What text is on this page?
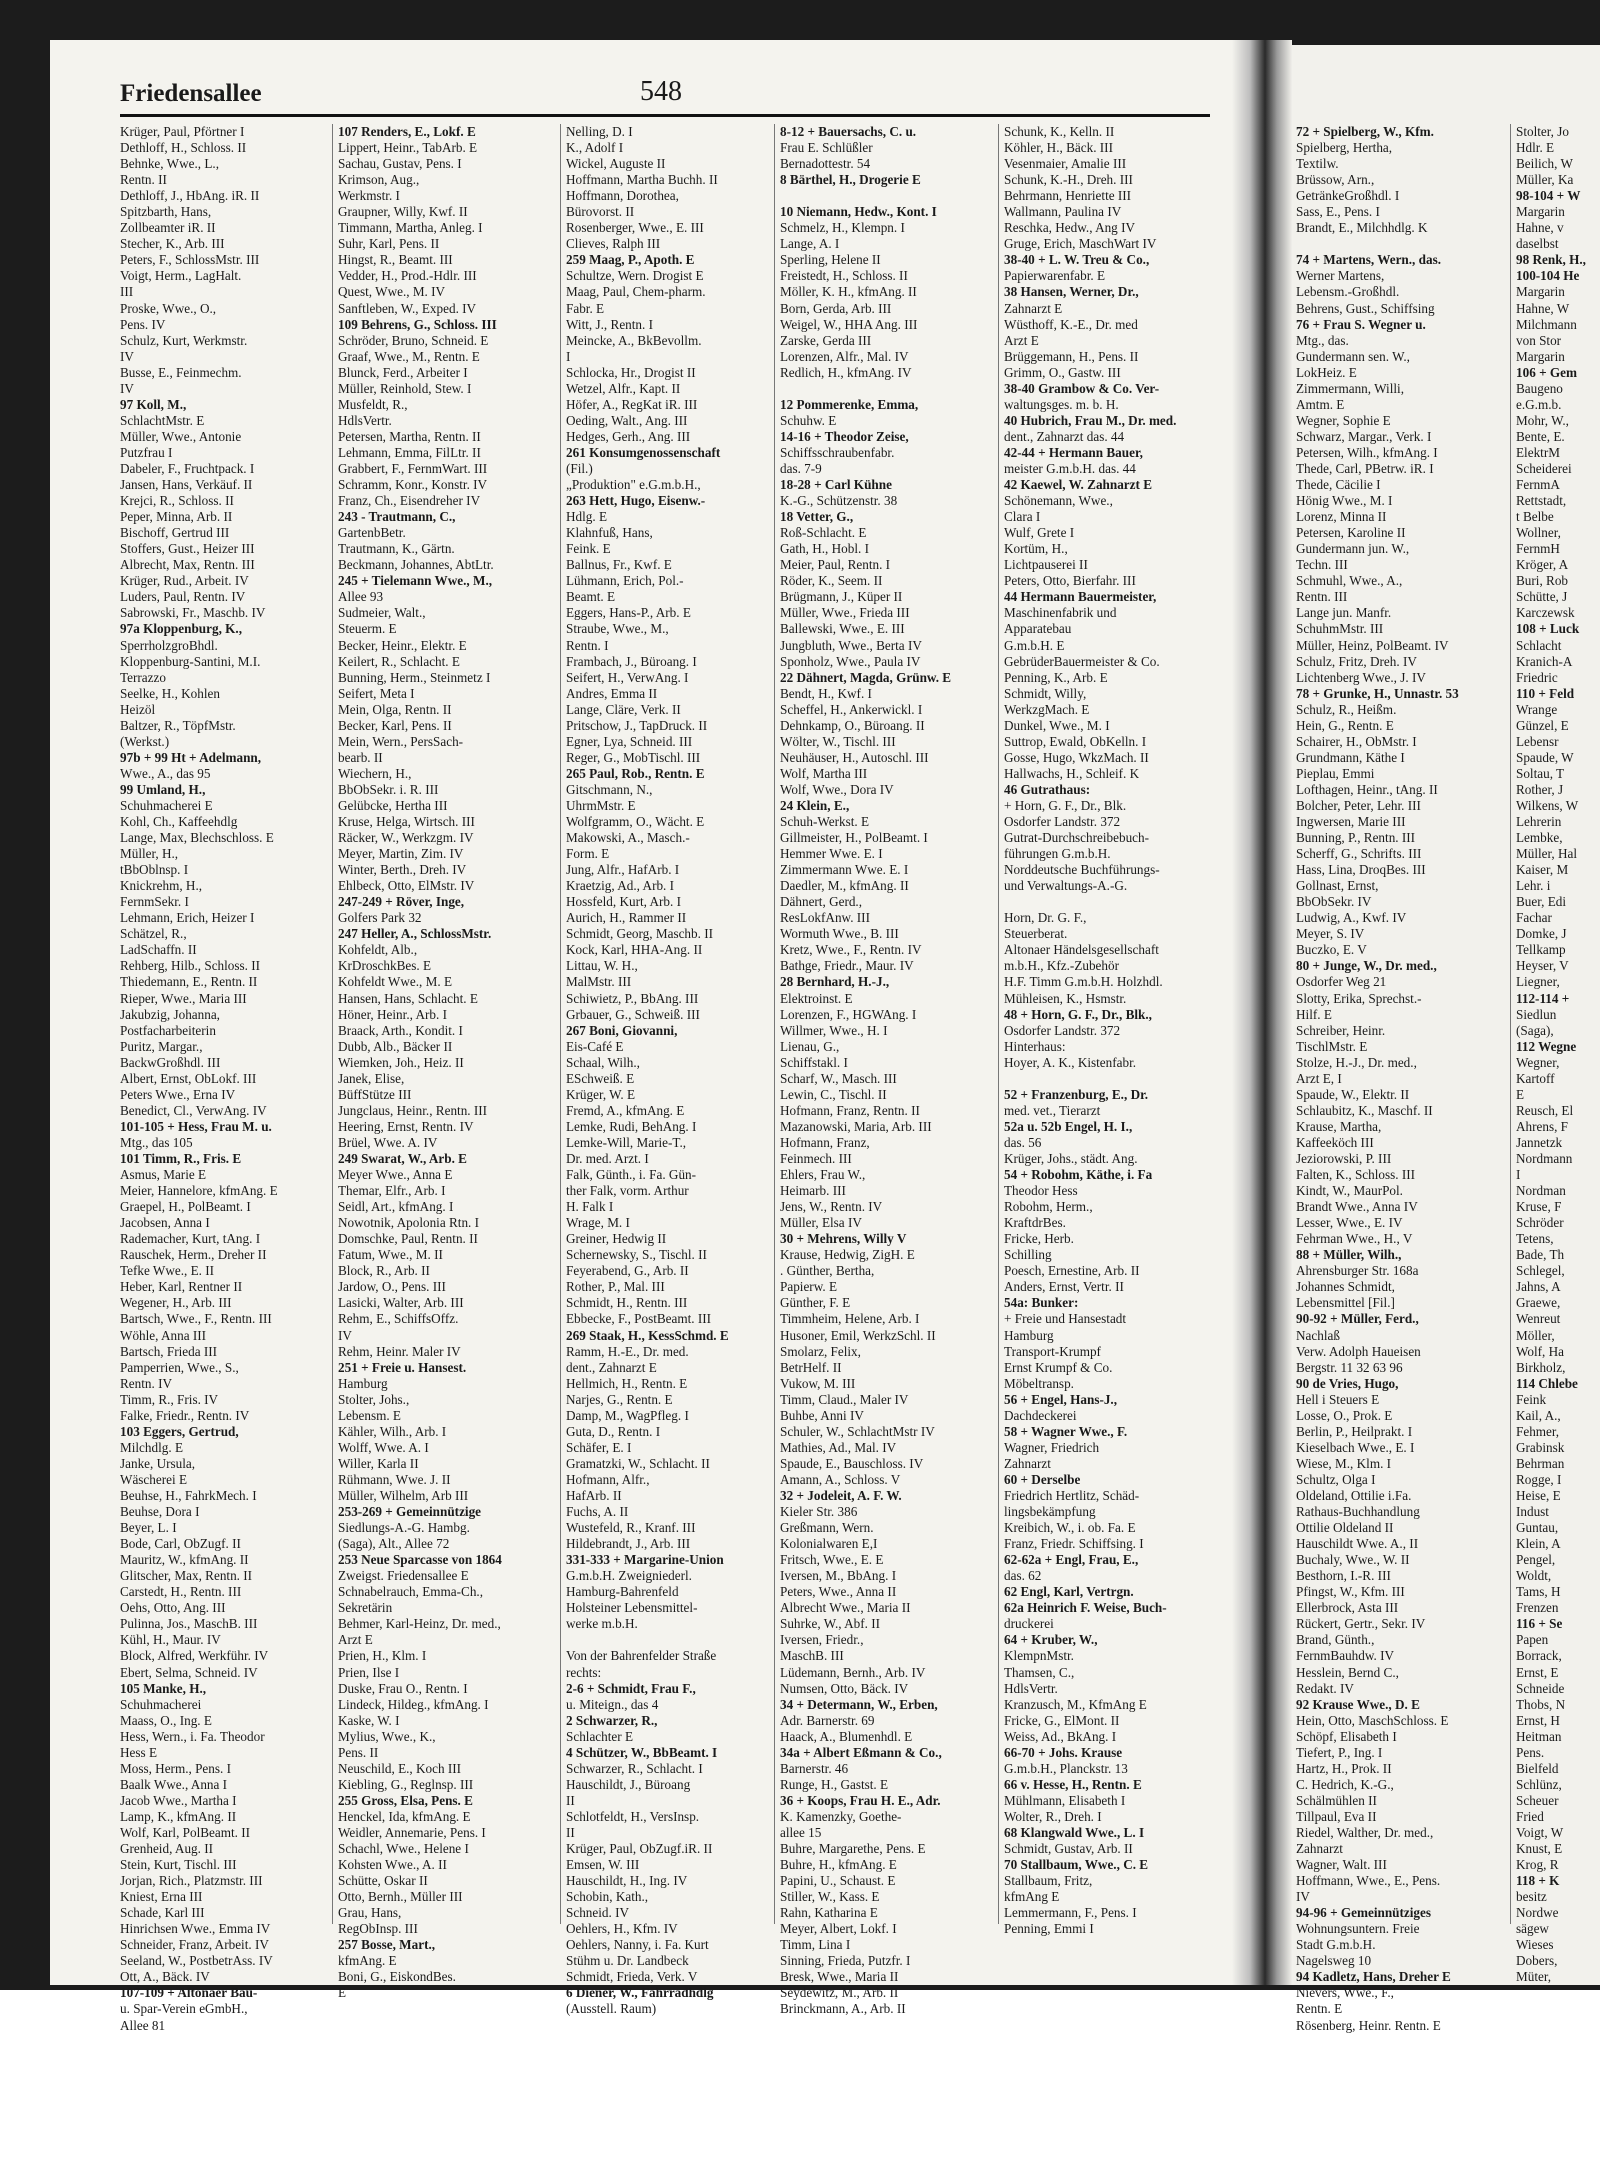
Friedensallee	548
Krüger, Paul, Pförtner I
Dethloff, H., Schloss. II
Behnke, Wwe., L.,
Rentn. II
Dethloff, J., HbAng. iR. II
Spitzbarth, Hans,
Zollbeamter iR. II
Stecher, K., Arb. III
Peters, F., SchlossMstr. III
Voigt, Herm., LagHalt.
III
Proske, Wwe., O.,
Pens. IV
Schulz, Kurt, Werkmstr.
IV
Busse, E., Feinmechm.
IV
97 Koll, M.,
SchlachtMstr. E
Müller, Wwe., Antonie
Putzfrau I
Dabeler, F., Fruchtpack. I
Jansen, Hans, Verkäuf. II
Krejci, R., Schloss. II
Peper, Minna, Arb. II
Bischoff, Gertrud III
Stoffers, Gust., Heizer III
Albrecht, Max, Rentn. III
Krüger, Rud., Arbeit. IV
Luders, Paul, Rentn. IV
Sabrowski, Fr., Maschb. IV
97a Kloppenburg, K.,
SperrholzgroBhdl.
Kloppenburg-Santini, M.I.
Terrazzo
Seelke, H., Kohlen
Heizöl
Baltzer, R., TöpfMstr.
(Werkst.)
97b + 99 Ht + Adelmann,
Wwe., A., das 95
99 Umland, H.,
Schuhmacherei E
Kohl, Ch., Kaffeehdlg
Lange, Max, Blechschloss. E
Müller, H.,
tBbOblnsp. I
Knickrehm, H.,
FernmSekr. I
Lehmann, Erich, Heizer I
Schätzel, R.,
LadSchaffn. II
Rehberg, Hilb., Schloss. II
Thiedemann, E., Rentn. II
Rieper, Wwe., Maria III
Jakubzig, Johanna,
Postfacharbeiterin
Puritz, Margar.,
BackwGroßhdl. III
Albert, Ernst, ObLokf. III
Peters Wwe., Erna IV
Benedict, Cl., VerwAng. IV
101-105 + Hess, Frau M. u.
Mtg., das 105
101 Timm, R., Fris. E
Asmus, Marie E
Meier, Hannelore, kfmAng. E
Graepel, H., PolBeamt. I
Jacobsen, Anna I
Rademacher, Kurt, tAng. I
Rauschek, Herm., Dreher II
Tefke Wwe., E. II
Heber, Karl, Rentner II
Wegener, H., Arb. III
Bartsch, Wwe., F., Rentn. III
Wöhle, Anna III
Bartsch, Frieda III
Pamperrien, Wwe., S.,
Rentn. IV
Timm, R., Fris. IV
Falke, Friedr., Rentn. IV
103 Eggers, Gertrud,
Milchdlg. E
Janke, Ursula,
Wäscherei E
Beuhse, H., FahrkMech. I
Beuhse, Dora I
Beyer, L. I
Bode, Carl, ObZugf. II
Mauritz, W., kfmAng. II
Glitscher, Max, Rentn. II
Carstedt, H., Rentn. III
Oehs, Otto, Ang. III
Pulinna, Jos., MaschB. III
Kühl, H., Maur. IV
Block, Alfred, Werkführ. IV
Ebert, Selma, Schneid. IV
105 Manke, H.,
Schuhmacherei
Maass, O., Ing. E
Hess, Wern., i. Fa. Theodor
Hess E
Moss, Herm., Pens. I
Baalk Wwe., Anna I
Jacob Wwe., Martha I
Lamp, K., kfmAng. II
Wolf, Karl, PolBeamt. II
Grenheid, Aug. II
Stein, Kurt, Tischl. III
Jorjan, Rich., Platzmstr. III
Kniest, Erna III
Schade, Karl III
Hinrichsen Wwe., Emma IV
Schneider, Franz, Arbeit. IV
Seeland, W., PostbetrAss. IV
Ott, A., Bäck. IV
107-109 + Altonaer Bau-
u. Spar-Verein eGmbH.,
Allee 81
107 Renders, E., Lokf. E
Lippert, Heinr., TabArb. E
Sachau, Gustav, Pens. I
Krimson, Aug.,
Werkmstr. I
Graupner, Willy, Kwf. II
Timmann, Martha, Anleg. I
Suhr, Karl, Pens. II
Hingst, R., Beamt. III
Vedder, H., Prod.-Hdlr. III
Quest, Wwe., M. IV
Sanftleben, W., Exped. IV
109 Behrens, G., Schloss. III
Schröder, Bruno, Schneid. E
Graaf, Wwe., M., Rentn. E
Blunck, Ferd., Arbeiter I
Müller, Reinhold, Stew. I
Musfeldt, R.,
HdlsVertr.
Petersen, Martha, Rentn. II
Lehmann, Emma, FilLtr. II
Grabbert, F., FernmWart. III
Schramm, Konr., Konstr. IV
Franz, Ch., Eisendreher IV
243 - Trautmann, C.,
GartenbBetr.
Trautmann, K., Gärtn.
Beckmann, Johannes, AbtLtr.
245 + Tielemann Wwe., M.,
Allee 93
Sudmeier, Walt.,
Steuerm. E
Becker, Heinr., Elektr. E
Keilert, R., Schlacht. E
Bunning, Herm., Steinmetz I
Seifert, Meta I
Mein, Olga, Rentn. II
Becker, Karl, Pens. II
Mein, Wern., PersSach-
bearb. II
Wiechern, H.,
BbObSekr. i. R. III
Gelübcke, Hertha III
Kruse, Helga, Wirtsch. III
Räcker, W., Werkzgm. IV
Meyer, Martin, Zim. IV
Winter, Berth., Dreh. IV
Ehlbeck, Otto, ElMstr. IV
247-249 + Röver, Inge,
Golfers Park 32
247 Heller, A., SchlossMstr.
Kohfeldt, Alb.,
KrDroschkBes. E
Kohfeldt Wwe., M. E
Hansen, Hans, Schlacht. E
Höner, Heinr., Arb. I
Braack, Arth., Kondit. I
Dubb, Alb., Bäcker II
Wiemken, Joh., Heiz. II
Janek, Elise,
BüffStütze III
Jungclaus, Heinr., Rentn. III
Heering, Ernst, Rentn. IV
Brüel, Wwe. A. IV
249 Swarat, W., Arb. E
Meyer Wwe., Anna E
Themar, Elfr., Arb. I
Seidl, Art., kfmAng. I
Nowotnik, Apolonia Rtn. I
Domschke, Paul, Rentn. II
Fatum, Wwe., M. II
Block, R., Arb. II
Jardow, O., Pens. III
Lasicki, Walter, Arb. III
Rehm, E., SchiffsOffz.
IV
Rehm, Heinr. Maler IV
251 + Freie u. Hansest.
Hamburg
Stolter, Johs.,
Lebensm. E
Kähler, Wilh., Arb. I
Wolff, Wwe. A. I
Willer, Karla II
Rühmann, Wwe. J. II
Müller, Wilhelm, Arb III
253-269 + Gemeinnützige
Siedlungs-A.-G. Hambg.
(Saga), Alt., Allee 72
253 Neue Sparcasse von 1864
Zweigst. Friedensallee E
Schnabelrauch, Emma-Ch.,
Sekretärin
Behmer, Karl-Heinz, Dr. med.,
Arzt E
Prien, H., Klm. I
Prien, Ilse I
Duske, Frau O., Rentn. I
Lindeck, Hildeg., kfmAng. I
Kaske, W. I
Mylius, Wwe., K.,
Pens. II
Neuschild, E., Koch III
Kiebling, G., Reglnsp. III
255 Gross, Elsa, Pens. E
Henckel, Ida, kfmAng. E
Weidler, Annemarie, Pens. I
Schachl, Wwe., Helene I
Kohsten Wwe., A. II
Schütte, Oskar II
Otto, Bernh., Müller III
Grau, Hans,
RegObInsp. III
257 Bosse, Mart.,
kfmAng. E
Boni, G., EiskondBes.
E
Nelling, D. I
K., Adolf I
Wickel, Auguste II
Hoffmann, Martha Buchh. II
Hoffmann, Dorothea,
Bürovorst. II
Rosenberger, Wwe., E. III
Clieves, Ralph III
259 Maag, P., Apoth. E
Schultze, Wern. Drogist E
Maag, Paul, Chem-pharm.
Fabr. E
Witt, J., Rentn. I
Meincke, A., BkBevollm.
I
Schlocka, Hr., Drogist II
Wetzel, Alfr., Kapt. II
Höfer, A., RegKat iR. III
Oeding, Walt., Ang. III
Hedges, Gerh., Ang. III
261 Konsumgenossenschaft
(Fil.)
„Produktion" e.G.m.b.H.,
263 Hett, Hugo, Eisenw.-
Hdlg. E
Klahnfuß, Hans,
Feink. E
Ballnus, Fr., Kwf. E
Lühmann, Erich, Pol.-
Beamt. E
Eggers, Hans-P., Arb. E
Straube, Wwe., M.,
Rentn. I
Frambach, J., Büroang. I
Seifert, H., VerwAng. I
Andres, Emma II
Lange, Cläre, Verk. II
Pritschow, J., TapDruck. II
Egner, Lya, Schneid. III
Reger, G., MobTischl. III
265 Paul, Rob., Rentn. E
Gitschmann, N.,
UhrmMstr. E
Wolfgramm, O., Wächt. E
Makowski, A., Masch.-
Form. E
Jung, Alfr., HafArb. I
Kraetzig, Ad., Arb. I
Hossfeld, Kurt, Arb. I
Aurich, H., Rammer II
Schmidt, Georg, Maschb. II
Kock, Karl, HHA-Ang. II
Littau, W. H.,
MalMstr. III
Schiwietz, P., BbAng. III
Grbauer, G., Schweiß. III
267 Boni, Giovanni,
Eis-Café E
Schaal, Wilh.,
ESchweiß. E
Krüger, W. E
Fremd, A., kfmAng. E
Lemke, Rudi, BehAng. I
Lemke-Will, Marie-T.,
Dr. med. Arzt. I
Falk, Günth., i. Fa. Gün-
ther Falk, vorm. Arthur
H. Falk I
Wrage, M. I
Greiner, Hedwig II
Schernewsky, S., Tischl. II
Feyerabend, G., Arb. II
Rother, P., Mal. III
Schmidt, H., Rentn. III
Ebbecke, F., PostBeamt. III
269 Staak, H., KessSchmd. E
Ramm, H.-E., Dr. med.
dent., Zahnarzt E
Hellmich, H., Rentn. E
Narjes, G., Rentn. E
Damp, M., WagPfleg. I
Guta, D., Rentn. I
Schäfer, E. I
Gramatzki, W., Schlacht. II
Hofmann, Alfr.,
HafArb. II
Fuchs, A. II
Wustefeld, R., Kranf. III
Hildebrandt, J., Arb. III
331-333 + Margarine-Union
G.m.b.H. Zweigniederl.
Hamburg-Bahrenfeld
Holsteiner Lebensmittel-
werke m.b.H.

Von der Bahrenfelder Straße
rechts:
2-6 + Schmidt, Frau F.,
u. Miteign., das 4
2 Schwarzer, R.,
Schlachter E
4 Schützer, W., BbBeamt. I
Schwarzer, R., Schlacht. I
Hauschildt, J., Büroang
II
Schlotfeldt, H., VersInsp.
II
Krüger, Paul, ObZugf.iR. II
Emsen, W. III
Hauschildt, H., Ing. IV
Schobin, Kath.,
Schneid. IV
Oehlers, H., Kfm. IV
Oehlers, Nanny, i. Fa. Kurt
Stühm u. Dr. Landbeck
Schmidt, Frieda, Verk. V
6 Diener, W., Fahrradhdlg
(Ausstell. Raum)
8-12 + Bauersachs, C. u.
Frau E. Schlüßler
Bernadottestr. 54
8 Bärthel, H., Drogerie E

10 Niemann, Hedw., Kont. I
Schmelz, H., Klempn. I
Lange, A. I
Sperling, Helene II
Freistedt, H., Schloss. II
Möller, K. H., kfmAng. II
Born, Gerda, Arb. III
Weigel, W., HHA Ang. III
Zarske, Gerda III
Lorenzen, Alfr., Mal. IV
Redlich, H., kfmAng. IV

12 Pommerenke, Emma,
Schuhw. E
14-16 + Theodor Zeise,
Schiffsschraubenfabr.
das. 7-9
18-28 + Carl Kühne
K.-G., Schützenstr. 38
18 Vetter, G.,
Roß-Schlacht. E
Gath, H., Hobl. I
Meier, Paul, Rentn. I
Röder, K., Seem. II
Brügmann, J., Küper II
Müller, Wwe., Frieda III
Ballewski, Wwe., E. III
Jungbluth, Wwe., Berta IV
Sponholz, Wwe., Paula IV
22 Dähnert, Magda, Grünw. E
Bendt, H., Kwf. I
Scheffel, H., Ankerwickl. I
Dehnkamp, O., Büroang. II
Wölter, W., Tischl. III
Neuhäuser, H., Autoschl. III
Wolf, Martha III
Wolf, Wwe., Dora IV
24 Klein, E.,
Schuh-Werkst. E
Gillmeister, H., PolBeamt. I
Hemmer Wwe. E. I
Zimmermann Wwe. E. I
Daedler, M., kfmAng. II
Dähnert, Gerd.,
ResLokfAnw. III
Wormuth Wwe., B. III
Kretz, Wwe., F., Rentn. IV
Bathge, Friedr., Maur. IV
28 Bernhard, H.-J.,
Elektroinst. E
Lorenzen, F., HGWAng. I
Willmer, Wwe., H. I
Lienau, G.,
Schiffstakl. I
Scharf, W., Masch. III
Lewin, C., Tischl. II
Hofmann, Franz, Rentn. II
Mazanowski, Maria, Arb. III
Hofmann, Franz,
Feinmech. III
Ehlers, Frau W.,
Heimarb. III
Jens, W., Rentn. IV
Müller, Elsa IV
30 + Mehrens, Willy V
Krause, Hedwig, ZigH. E
. Günther, Bertha,
Papierw. E
Günther, F. E
Timmheim, Helene, Arb. I
Husoner, Emil, WerkzSchl. II
Smolarz, Felix,
BetrHelf. II
Vukow, M. III
Timm, Claud., Maler IV
Buhbe, Anni IV
Schuler, W., SchlachtMstr IV
Mathies, Ad., Mal. IV
Spaude, E., Bauschloss. IV
Amann, A., Schloss. V
32 + Jodeleit, A. F. W.
Kieler Str. 386
Greßmann, Wern.
Kolonialwaren E,I
Fritsch, Wwe., E. E
Iversen, M., BbAng. I
Peters, Wwe., Anna II
Albrecht Wwe., Maria II
Suhrke, W., Abf. II
Iversen, Friedr.,
MaschB. III
Lüdemann, Bernh., Arb. IV
Numsen, Otto, Bäck. IV
34 + Determann, W., Erben,
Adr. Barnerstr. 69
Haack, A., Blumenhdl. E
34a + Albert Eßmann & Co.,
Barnerstr. 46
Runge, H., Gastst. E
36 + Koops, Frau H. E., Adr.
K. Kamenzky, Goethe-
allee 15
Buhre, Margarethe, Pens. E
Buhre, H., kfmAng. E
Papini, U., Schaust. E
Stiller, W., Kass. E
Rahn, Katharina E
Meyer, Albert, Lokf. I
Timm, Lina I
Sinning, Frieda, Putzfr. I
Bresk, Wwe., Maria II
Seydewitz, M., Arb. II
Brinckmann, A., Arb. II
Schunk, K., Kelln. II
Köhler, H., Bäck. III
Vesenmaier, Amalie III
Schunk, K.-H., Dreh. III
Behrmann, Henriette III
Wallmann, Paulina IV
Reschka, Hedw., Ang IV
Gruge, Erich, MaschWart IV
38-40 + L. W. Treu & Co.,
Papierwarenfabr. E
38 Hansen, Werner, Dr.,
Zahnarzt E
Wüsthoff, K.-E., Dr. med
Arzt E
Brüggemann, H., Pens. II
Grimm, O., Gastw. III
38-40 Grambow & Co. Ver-
waltungsges. m. b. H.
40 Hubrich, Frau M., Dr. med.
dent., Zahnarzt das. 44
42-44 + Hermann Bauer,
meister G.m.b.H. das. 44
42 Kaewel, W. Zahnarzt E
Schönemann, Wwe.,
Clara I
Wulf, Grete I
Kortüm, H.,
Lichtpauserei II
Peters, Otto, Bierfahr. III
44 Hermann Bauermeister,
Maschinenfabrik und
Apparatebau
G.m.b.H. E
GebrüderBauermeister & Co.
Penning, K., Arb. E
Schmidt, Willy,
WerkzgMach. E
Dunkel, Wwe., M. I
Suttrop, Ewald, ObKelln. I
Gosse, Hugo, WkzMach. II
Hallwachs, H., Schleif. K
46 Gutrathaus:
+ Horn, G. F., Dr., Blk.
Osdorfer Landstr. 372
Gutrat-Durchschreibebuch-
führungen G.m.b.H.
Norddeutsche Buchführungs-
und Verwaltungs-A.-G.

Horn, Dr. G. F.,
Steuerberat.
Altonaer Händelsgesellschaft
m.b.H., Kfz.-Zubehör
H.F. Timm G.m.b.H. Holzhdl.
Mühleisen, K., Hsmstr.
48 + Horn, G. F., Dr., Blk.,
Osdorfer Landstr. 372
Hinterhaus:
Hoyer, A. K., Kistenfabr.

52 + Franzenburg, E., Dr.
med. vet., Tierarzt
52a u. 52b Engel, H. I.,
das. 56
Krüger, Johs., städt. Ang.
54 + Robohm, Käthe, i. Fa
Theodor Hess
Robohm, Herm.,
KraftdrBes.
Fricke, Herb.
Schilling
Poesch, Ernestine, Arb. II
Anders, Ernst, Vertr. II
54a: Bunker:
+ Freie und Hansestadt
Hamburg
Transport-Krumpf
Ernst Krumpf & Co.
Möbeltransp.
56 + Engel, Hans-J.,
Dachdeckerei
58 + Wagner Wwe., F.
Wagner, Friedrich
Zahnarzt
60 + Derselbe
Friedrich Hertlitz, Schäd-
lingsbekämpfung
Kreibich, W., i. ob. Fa. E
Franz, Friedr. Schiffsing. I
62-62a + Engl, Frau, E.,
das. 62
62 Engl, Karl, Vertrgn.
62a Heinrich F. Weise, Buch-
druckerei
64 + Kruber, W.,
KlempnMstr.
Thamsen, C.,
HdlsVertr.
Kranzusch, M., KfmAng E
Fricke, G., ElMont. II
Weiss, Ad., BkAng. I
66-70 + Johs. Krause
G.m.b.H., Planckstr. 13
66 v. Hesse, H., Rentn. E
Mühlmann, Elisabeth I
Wolter, R., Dreh. I
68 Klangwald Wwe., L. I
Schmidt, Gustav, Arb. II
70 Stallbaum, Wwe., C. E
Stallbaum, Fritz,
kfmAng E
Lemmermann, F., Pens. I
Penning, Emmi I
72 + Spielberg, W., Kfm.
Spielberg, Hertha,
Textilw.
Brüssow, Arn.,
GetränkeGroßhdl. I
Sass, E., Pens. I
Brandt, E., Milchhdlg. K

74 + Martens, Wern., das.
Werner Martens,
Lebensm.-Großhdl.
Behrens, Gust., Schiffsing
76 + Frau S. Wegner u.
Mtg., das.
Gundermann sen. W.,
LokHeiz. E
Zimmermann, Willi,
Amtm. E
Wegner, Sophie E
Schwarz, Margar., Verk. I
Petersen, Wilh., kfmAng. I
Thede, Carl, PBetrw. iR. I
Thede, Cäcilie I
Hönig Wwe., M. I
Lorenz, Minna II
Petersen, Karoline II
Gundermann jun. W.,
Techn. III
Schmuhl, Wwe., A.,
Rentn. III
Lange jun. Manfr.
SchuhmMstr. III
Müller, Heinz, PolBeamt. IV
Schulz, Fritz, Dreh. IV
Lichtenberg Wwe., J. IV
78 + Grunke, H., Unnastr. 53
Schulz, R., Heißm.
Hein, G., Rentn. E
Schairer, H., ObMstr. I
Grundmann, Käthe I
Pieplau, Emmi
Lofthagen, Heinr., tAng. II
Bolcher, Peter, Lehr. III
Ingwersen, Marie III
Bunning, P., Rentn. III
Scherff, G., Schrifts. III
Hass, Lina, DroqBes. III
Gollnast, Ernst,
BbObSekr. IV
Ludwig, A., Kwf. IV
Meyer, S. IV
Buczko, E. V
80 + Junge, W., Dr. med.,
Osdorfer Weg 21
Slotty, Erika, Sprechst.-
Hilf. E
Schreiber, Heinr.
TischlMstr. E
Stolze, H.-J., Dr. med.,
Arzt E, I
Spaude, W., Elektr. II
Schlaubitz, K., Maschf. II
Krause, Martha,
Kaffeeköch III
Jeziorowski, P. III
Falten, K., Schloss. III
Kindt, W., MaurPol.
Brandt Wwe., Anna IV
Lesser, Wwe., E. IV
Fehrman Wwe., H., V
88 + Müller, Wilh.,
Ahrensburger Str. 168a
Johannes Schmidt,
Lebensmittel [Fil.]
90-92 + Müller, Ferd.,
Nachlaß
Verw. Adolph Haueisen
Bergstr. 11 32 63 96
90 de Vries, Hugo,
Hell i Steuers E
Losse, O., Prok. E
Berlin, P., Heilprakt. I
Kieselbach Wwe., E. I
Wiese, M., Klm. I
Schultz, Olga I
Oldeland, Ottilie i.Fa.
Rathaus-Buchhandlung
Ottilie Oldeland II
Hauschildt Wwe. A., II
Buchaly, Wwe., W. II
Besthorn, I.-R. III
Pfingst, W., Kfm. III
Ellerbrock, Asta III
Rückert, Gertr., Sekr. IV
Brand, Günth.,
FernmBauhdw. IV
Hesslein, Bernd C.,
Redakt. IV
92 Krause Wwe., D. E
Hein, Otto, MaschSchloss. E
Schöpf, Elisabeth I
Tiefert, P., Ing. I
Hartz, H., Prok. II
C. Hedrich, K.-G.,
Schälmühlen II
Tillpaul, Eva II
Riedel, Walther, Dr. med.,
Zahnarzt
Wagner, Walt. III
Hoffmann, Wwe., E., Pens.
IV
94-96 + Gemeinnütziges
Wohnungsuntern. Freie
Stadt G.m.b.H.
Nagelsweg 10
94 Kadletz, Hans, Dreher E
Nievers, Wwe., F.,
Rentn. E
Rösenberg, Heinr. Rentn. E
Stolter, Jo
Hdlr. E
Beilich, W
Müller, Ka
98-104 + W
Margarin
Hahne, v
daselbst
98 Renk, H.,
100-104 He
Margarin
Hahne, W
Milchmann
von Stor
Margarin
106 + Gem
Baugeno
e.G.m.b.
Mohr, W.,
Bente, E.
ElektrM
Scheiderei
FernmA
Rettstadt,
t Belbe
Wollner,
FernmH
Kröger, A
Buri, Rob
Schütte, J
Karczewsk
108 + Luck
Schlacht
Kranich-A
Friedric
110 + Feld
Wrange
Günzel, E
Lebensr
Spaude, W
Soltau, T
Rother, J
Wilkens, W
Lehrerin
Lembke,
Müller, Hal
Kaiser, M
Lehr. i
Buer, Edi
Fachar
Domke, J
Tellkamp
Heyser, V
Liegner,
112-114 +
Siedlun
(Saga),
112 Wegne
Wegner,
Kartoff
E
Reusch, El
Ahrens, F
Jannetzk
Nordmann
I
Nordman
Kruse, F
Schröder
Tetens,
Bade, Th
Schlegel,
Jahns, A
Graewe,
Wenreut
Möller,
Wolf, Ha
Birkholz,
114 Chlebe
Feink
Kail, A.,
Fehmer,
Grabinsk
Behrman
Rogge, I
Heise, E
Indust
Guntau,
Klein, A
Pengel,
Woldt,
Tams, H
Frenzen
116 + Se
Papen
Borrack,
Ernst, E
Schneide
Thobs, N
Ernst, H
Heitman
Pens.
Bielfeld
Schlünz,
Scheuer
Fried
Voigt, W
Knust, E
Krog, R
118 + K
besitz
Nordwe
sägew
Wieses
Dobers,
Müter,
